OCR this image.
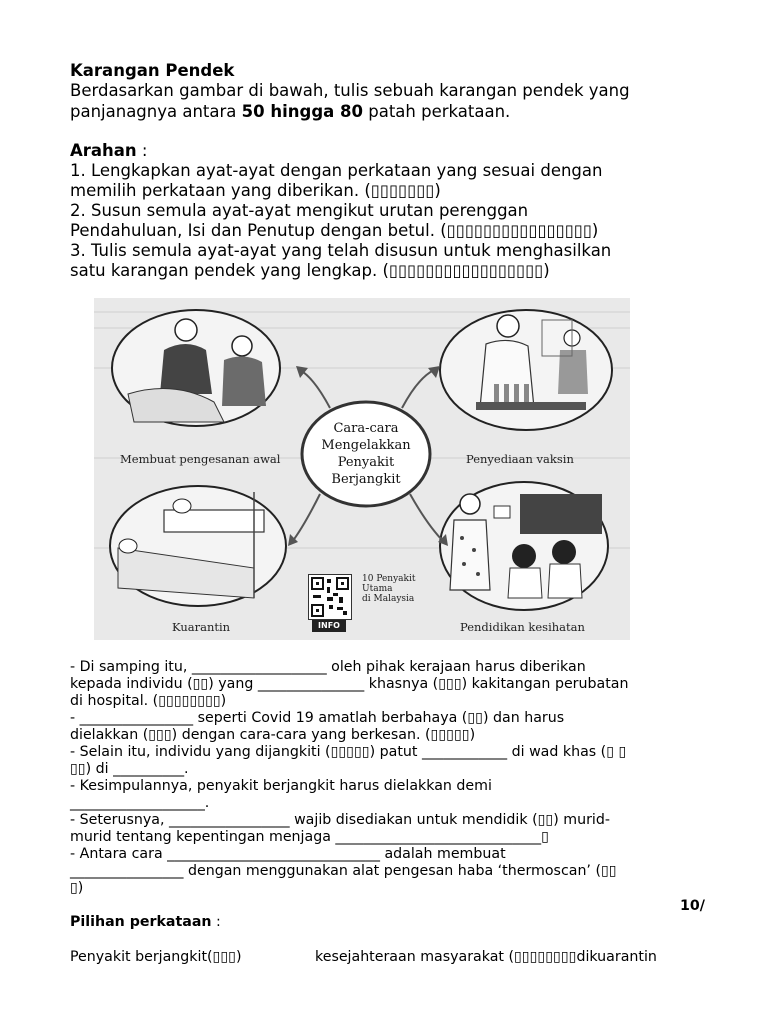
Karangan Pendek
Berdasarkan gambar di bawah, tulis sebuah karangan pendek yang
panjanagnya antara 50 hingga 80 patah perkataan.
Arahan :
1. Lengkapkan ayat-ayat dengan perkataan yang sesuai dengan
memilih perkataan yang diberikan. (▯▯▯▯▯▯▯)
2. Susun semula ayat-ayat mengikut urutan perenggan
Pendahuluan, Isi dan Penutup dengan betul. (▯▯▯▯▯▯▯▯▯▯▯▯▯▯▯▯)
3. Tulis semula ayat-ayat yang telah disusun untuk menghasilkan
satu karangan pendek yang lengkap. (▯▯▯▯▯▯▯▯▯▯▯▯▯▯▯▯▯)
Cara-cara
Mengelakkan
Penyakit
Berjangkit
Membuat pengesanan awal	Penyediaan vaksin
Kuarantin	Pendidikan kesihatan
10 Penyakit
Utama
di Malaysia
INFO
- Di samping itu, ___________________ oleh pihak kerajaan harus diberikan
kepada individu (▯▯) yang _______________ khasnya (▯▯▯) kakitangan perubatan
di hospital. (▯▯▯▯▯▯▯▯)
- ________________ seperti Covid 19 amatlah berbahaya (▯▯) dan harus
dielakkan (▯▯▯) dengan cara-cara yang berkesan. (▯▯▯▯▯)
- Selain itu, individu yang dijangkiti (▯▯▯▯▯) patut ____________ di wad khas (▯ ▯
▯▯) di __________.
- Kesimpulannya, penyakit berjangkit harus dielakkan demi
___________________.
- Seterusnya, _________________ wajib disediakan untuk mendidik (▯▯) murid-
murid tentang kepentingan menjaga _____________________________▯
- Antara cara ______________________________ adalah membuat
________________ dengan menggunakan alat pengesan haba ‘thermoscan’ (▯▯
▯)
10/
Pilihan perkataan :
Penyakit berjangkit(▯▯▯)	kesejahteraan masyarakat (▯▯▯▯▯▯▯▯dikuarantin
